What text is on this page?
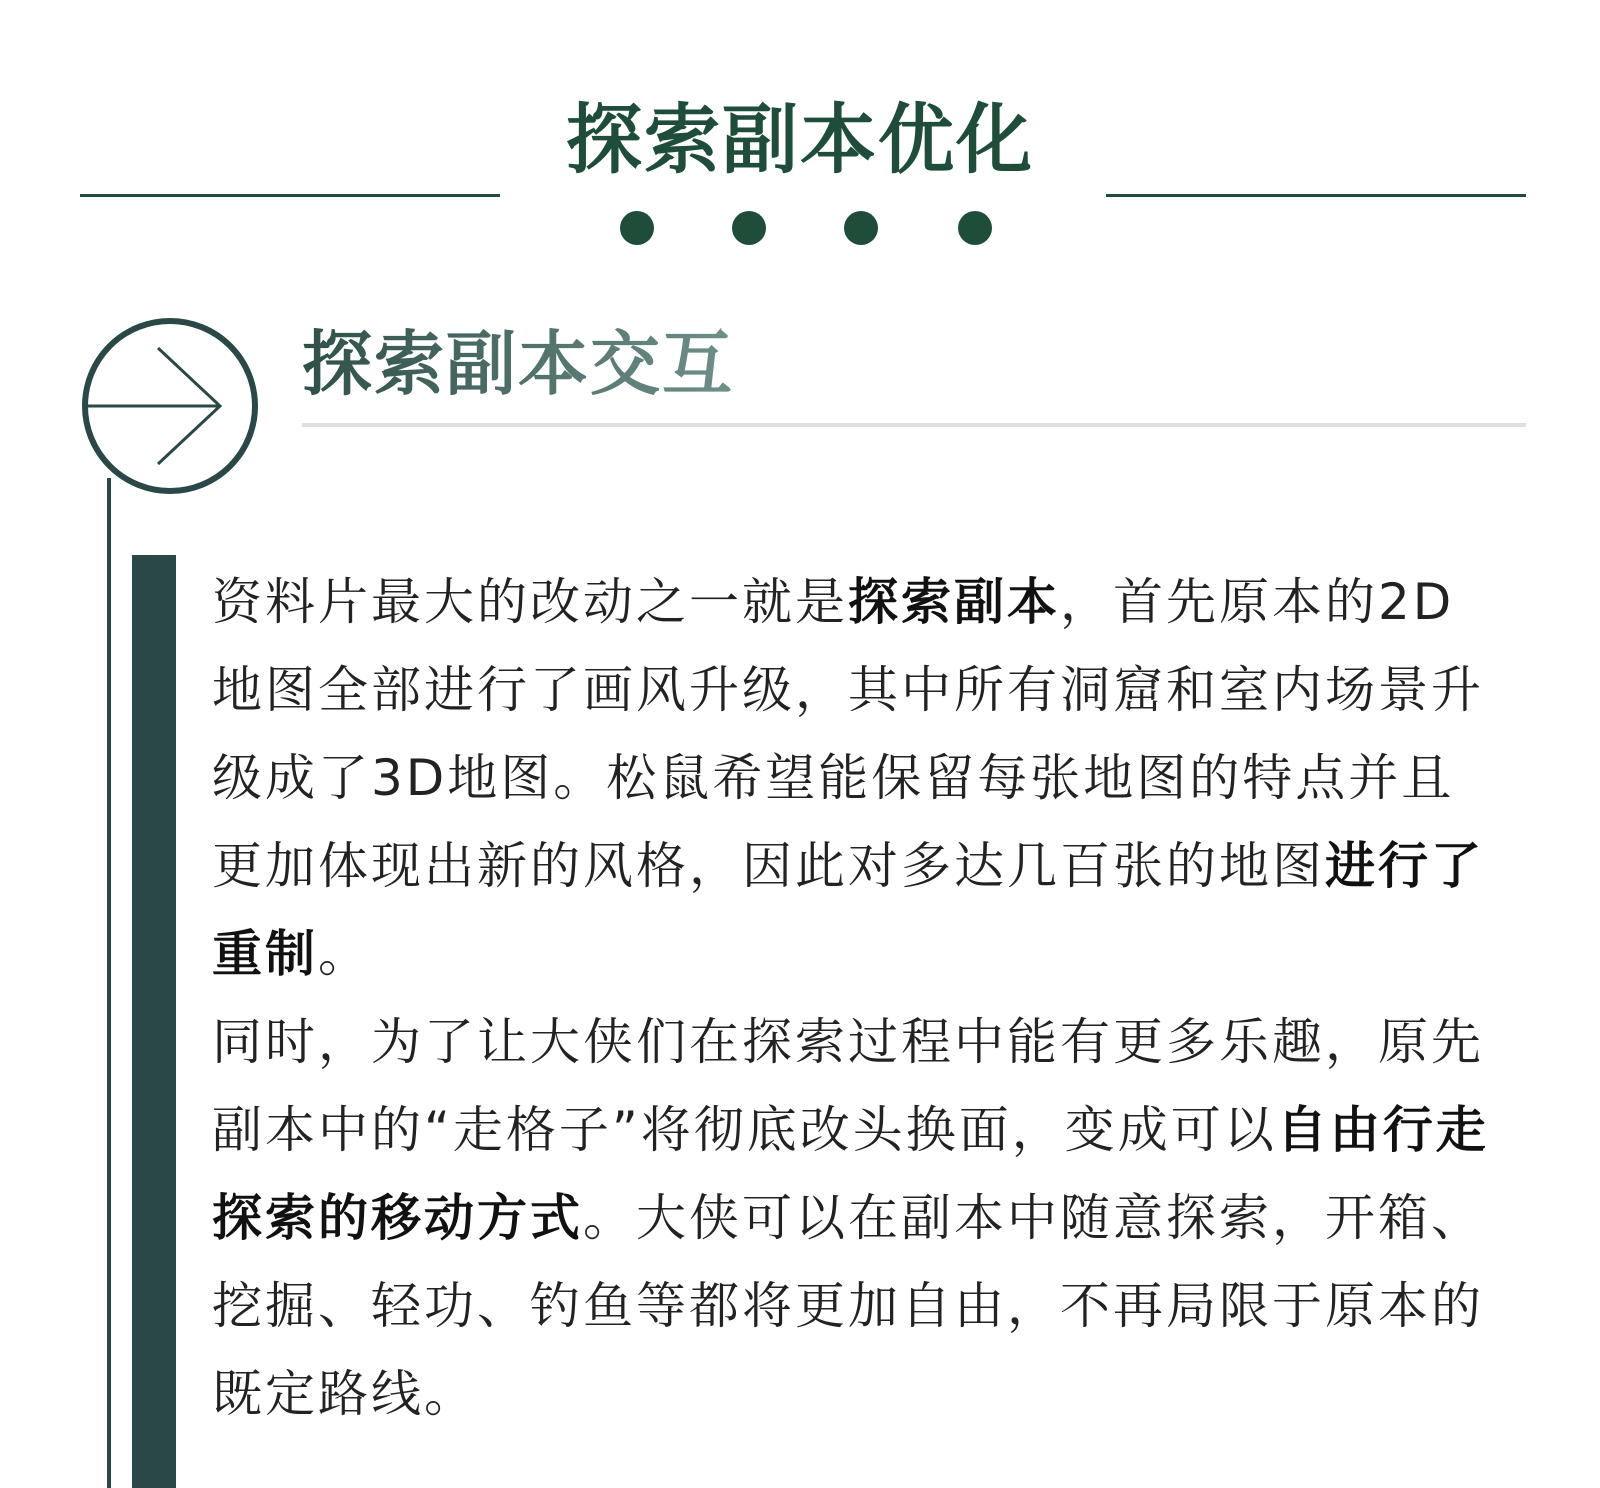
探索副本优化
探索副本交互

资料片最大的改动之一就是探索副本，首先原本的2D地图全部进行了画风升级，其中所有洞窟和室内场景升级成了3D地图。松鼠希望能保留每张地图的特点并且更加体现出新的风格，因此对多达几百张的地图进行了重制。

同时，为了让大侠们在探索过程中能有更多乐趣，原先副本中的“走格子”将彻底改头换面，变成可以自由行走探索的移动方式。大侠可以在副本中随意探索，开箱、挖掘、轻功、钓鱼等都将更加自由，不再局限于原本的既定路线。
